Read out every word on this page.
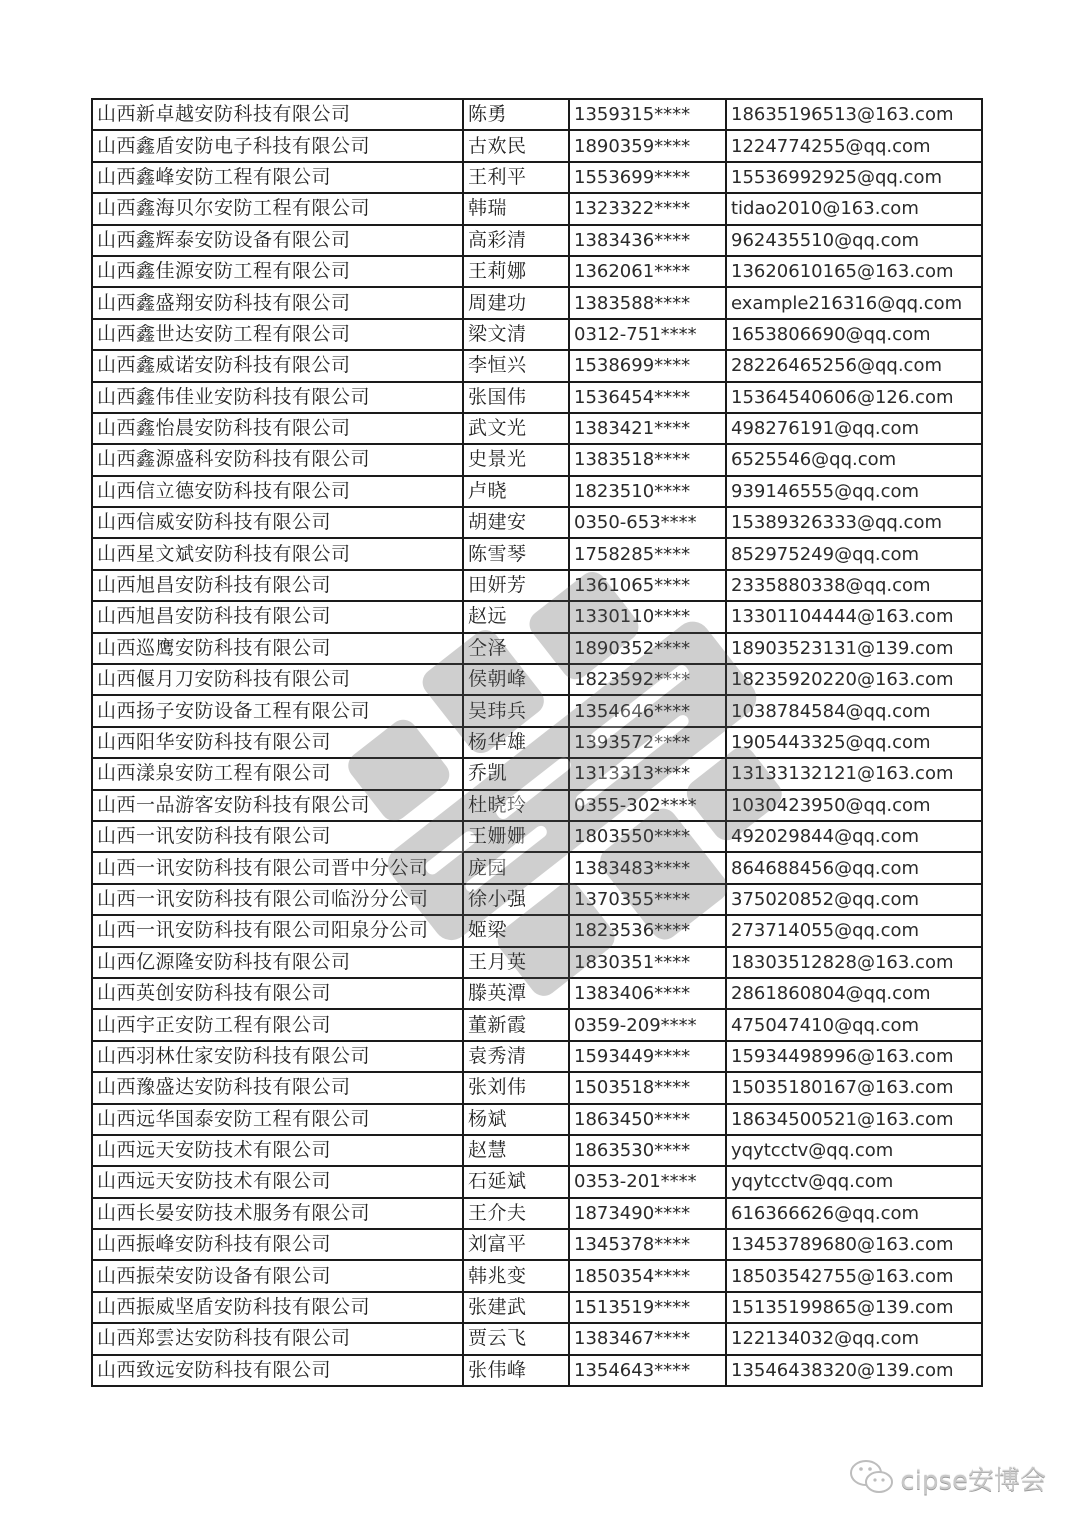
山西新卓越安防科技有限公司	陈勇	1359315****	18635196513@163.com
山西鑫盾安防电子科技有限公司	古欢民	1890359****	1224774255@qq.com
山西鑫峰安防工程有限公司	王利平	1553699****	15536992925@qq.com
山西鑫海贝尔安防工程有限公司	韩瑞	1323322****	tidao2010@163.com
山西鑫辉泰安防设备有限公司	高彩清	1383436****	962435510@qq.com
山西鑫佳源安防工程有限公司	王莉娜	1362061****	13620610165@163.com
山西鑫盛翔安防科技有限公司	周建功	1383588****	example216316@qq.com
山西鑫世达安防工程有限公司	梁文清	0312-751****	1653806690@qq.com
山西鑫威诺安防科技有限公司	李恒兴	1538699****	28226465256@qq.com
山西鑫伟佳业安防科技有限公司	张国伟	1536454****	15364540606@126.com
山西鑫怡晨安防科技有限公司	武文光	1383421****	498276191@qq.com
山西鑫源盛科安防科技有限公司	史景光	1383518****	6525546@qq.com
山西信立德安防科技有限公司	卢晓	1823510****	939146555@qq.com
山西信威安防科技有限公司	胡建安	0350-653****	15389326333@qq.com
山西星文斌安防科技有限公司	陈雪琴	1758285****	852975249@qq.com
山西旭昌安防科技有限公司	田妍芳	1361065****	2335880338@qq.com
山西旭昌安防科技有限公司	赵远	1330110****	13301104444@163.com
山西巡鹰安防科技有限公司	仝泽	1890352****	18903523131@139.com
山西偃月刀安防科技有限公司	侯朝峰	1823592****	18235920220@163.com
山西扬子安防设备工程有限公司	吴玮兵	1354646****	1038784584@qq.com
山西阳华安防科技有限公司	杨华雄	1393572****	1905443325@qq.com
山西漾泉安防工程有限公司	乔凯	1313313****	13133132121@163.com
山西一品游客安防科技有限公司	杜晓玲	0355-302****	1030423950@qq.com
山西一讯安防科技有限公司	王姗姗	1803550****	492029844@qq.com
山西一讯安防科技有限公司晋中分公司	庞园	1383483****	864688456@qq.com
山西一讯安防科技有限公司临汾分公司	徐小强	1370355****	375020852@qq.com
山西一讯安防科技有限公司阳泉分公司	姬梁	1823536****	273714055@qq.com
山西亿源隆安防科技有限公司	王月英	1830351****	18303512828@163.com
山西英创安防科技有限公司	滕英潭	1383406****	2861860804@qq.com
山西宇正安防工程有限公司	董新霞	0359-209****	475047410@qq.com
山西羽林仕家安防科技有限公司	袁秀清	1593449****	15934498996@163.com
山西豫盛达安防科技有限公司	张刘伟	1503518****	15035180167@163.com
山西远华国泰安防工程有限公司	杨斌	1863450****	18634500521@163.com
山西远天安防技术有限公司	赵慧	1863530****	yqytcctv@qq.com
山西远天安防技术有限公司	石延斌	0353-201****	yqytcctv@qq.com
山西长晏安防技术服务有限公司	王介夫	1873490****	616366626@qq.com
山西振峰安防科技有限公司	刘富平	1345378****	13453789680@163.com
山西振荣安防设备有限公司	韩兆变	1850354****	18503542755@163.com
山西振威坚盾安防科技有限公司	张建武	1513519****	15135199865@139.com
山西郑雲达安防科技有限公司	贾云飞	1383467****	122134032@qq.com
山西致远安防科技有限公司	张伟峰	1354643****	13546438320@139.com
cipse安博会
